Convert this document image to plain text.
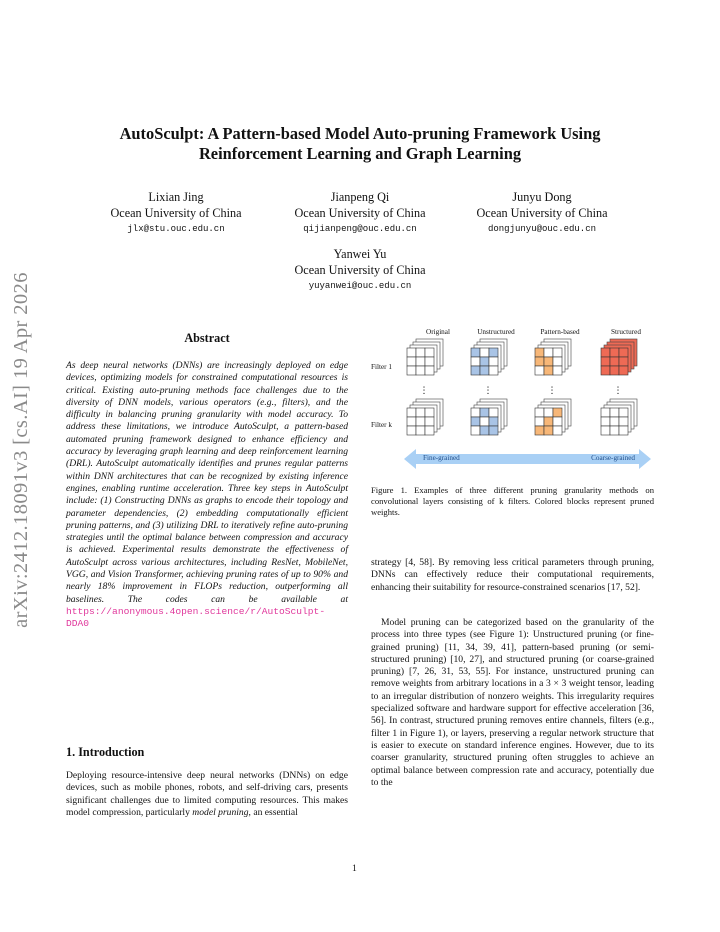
arXiv:2412.18091v3 [cs.AI] 19 Apr 2026
AutoSculpt: A Pattern-based Model Auto-pruning Framework Using
Reinforcement Learning and Graph Learning
Lixian Jing
Ocean University of China
jlx@stu.ouc.edu.cn
Jianpeng Qi
Ocean University of China
qijianpeng@ouc.edu.cn
Junyu Dong
Ocean University of China
dongjunyu@ouc.edu.cn
Yanwei Yu
Ocean University of China
yuyanwei@ouc.edu.cn
Abstract
As deep neural networks (DNNs) are increasingly deployed on edge devices, optimizing models for constrained computational resources is critical. Existing auto-pruning methods face challenges due to the diversity of DNN models, various operators (e.g., filters), and the difficulty in balancing pruning granularity with model accuracy. To address these limitations, we introduce AutoSculpt, a pattern-based automated pruning framework designed to enhance efficiency and accuracy by leveraging graph learning and deep reinforcement learning (DRL). AutoSculpt automatically identifies and prunes regular patterns within DNN architectures that can be recognized by existing inference engines, enabling runtime acceleration. Three key steps in AutoSculpt include: (1) Constructing DNNs as graphs to encode their topology and parameter dependencies, (2) embedding computationally efficient pruning patterns, and (3) utilizing DRL to iteratively refine auto-pruning strategies until the optimal balance between compression and accuracy is achieved. Experimental results demonstrate the effectiveness of AutoSculpt across various architectures, including ResNet, MobileNet, VGG, and Vision Transformer, achieving pruning rates of up to 90% and nearly 18% improvement in FLOPs reduction, outperforming all baselines. The codes can be available at https://anonymous.4open.science/r/AutoSculpt-DDA0
1. Introduction
Deploying resource-intensive deep neural networks (DNNs) on edge devices, such as mobile phones, robots, and self-driving cars, presents significant challenges due to limited computing resources. This makes model compression, particularly model pruning, an essential
Original	Unstructured	Pattern-based	Structured
Filter 1
Filter k
⋮	⋮	⋮	⋮
Fine-grained	Coarse-grained
Figure 1. Examples of three different pruning granularity methods on convolutional layers consisting of k filters. Colored blocks represent pruned weights.
strategy [4, 58]. By removing less critical parameters through pruning, DNNs can effectively reduce their computational requirements, enhancing their suitability for resource-constrained scenarios [17, 52].
Model pruning can be categorized based on the granularity of the process into three types (see Figure 1): Unstructured pruning (or fine-grained pruning) [11, 34, 39, 41], pattern-based pruning (or semi-structured pruning) [10, 27], and structured pruning (or coarse-grained pruning) [7, 26, 31, 53, 55]. For instance, unstructured pruning can remove weights from arbitrary locations in a 3 × 3 weight tensor, leading to an irregular distribution of nonzero weights. This irregularity requires specialized software and hardware support for effective acceleration [36, 56]. In contrast, structured pruning removes entire channels, filters (e.g., filter 1 in Figure 1), or layers, preserving a regular network structure that is easier to execute on standard inference engines. However, due to its coarser granularity, structured pruning often struggles to achieve an optimal balance between compression rate and accuracy, potentially due to the
1
